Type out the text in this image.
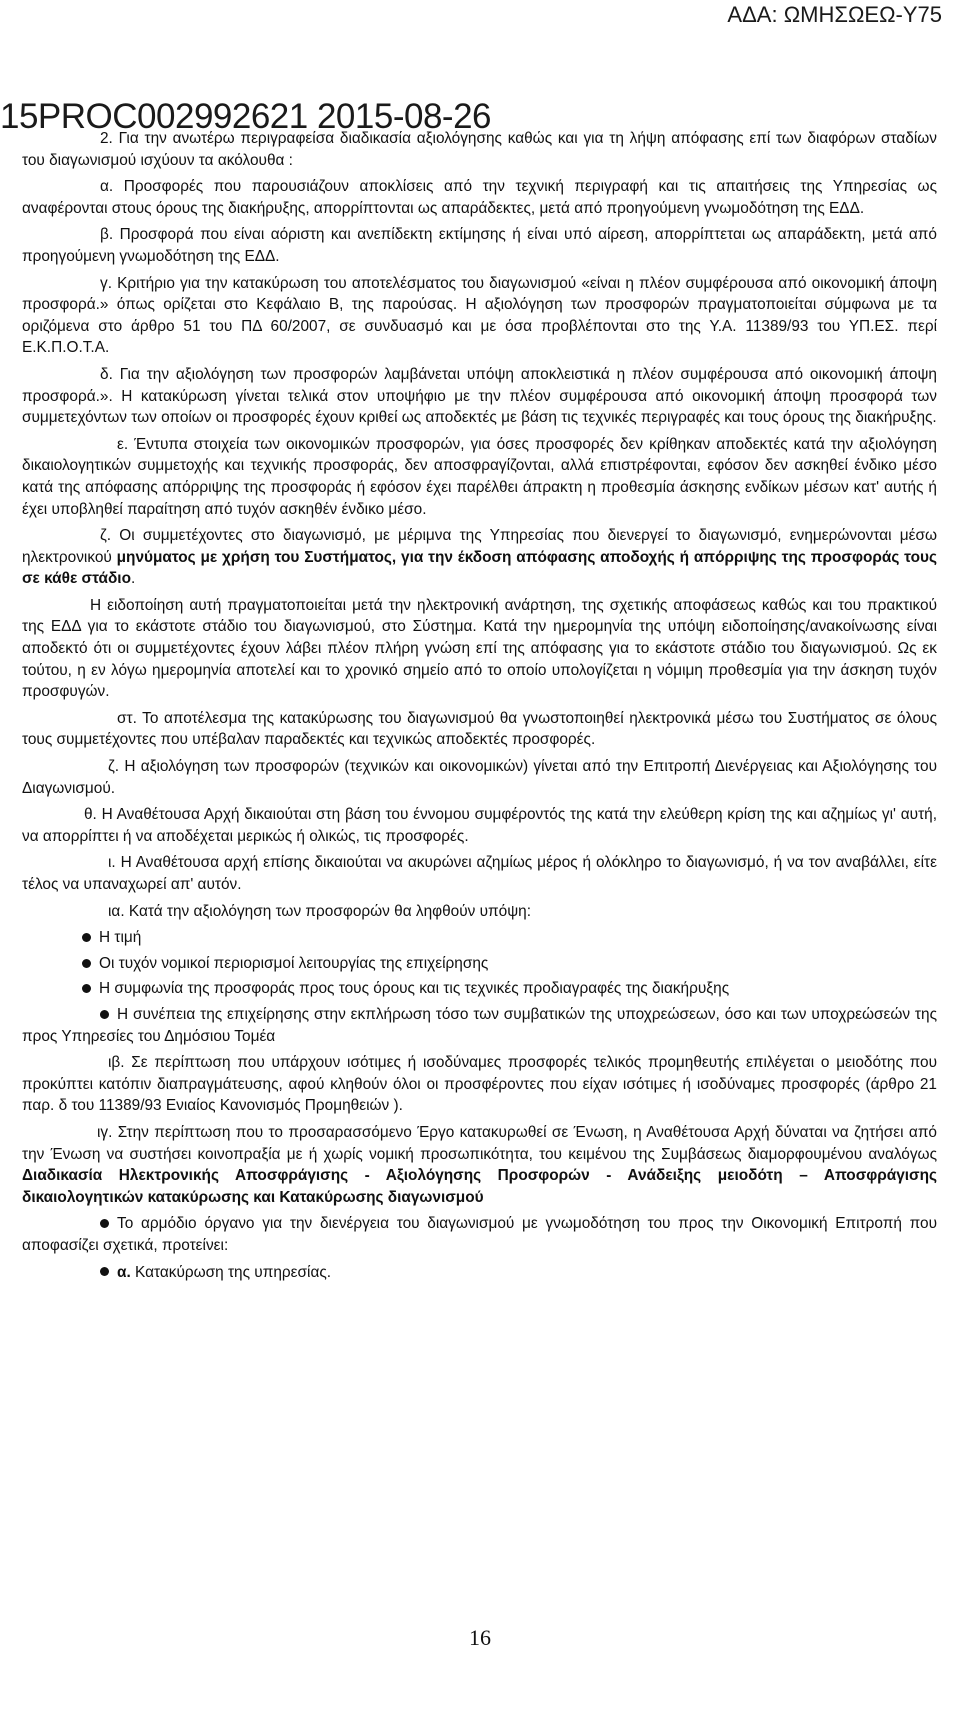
ΑΔΑ: ΩΜΗΣΩΕΩ-Υ75
15PROC002992621 2015-08-26

2. Για την ανωτέρω περιγραφείσα διαδικασία αξιολόγησης καθώς και για τη λήψη απόφασης επί των διαφόρων σταδίων του διαγωνισμού ισχύουν τα ακόλουθα :

α. Προσφορές που παρουσιάζουν αποκλίσεις από την τεχνική περιγραφή και τις απαιτήσεις της Υπηρεσίας ως αναφέρονται στους όρους της διακήρυξης, απορρίπτονται ως απαράδεκτες, μετά από προηγούμενη γνωμοδότηση της ΕΔΔ.

β. Προσφορά που είναι αόριστη και ανεπίδεκτη εκτίμησης ή είναι υπό αίρεση, απορρίπτεται ως απαράδεκτη, μετά από προηγούμενη γνωμοδότηση της ΕΔΔ.

γ. Κριτήριο για την κατακύρωση του αποτελέσματος του διαγωνισμού «είναι η πλέον συμφέρουσα από οικονομική άποψη προσφορά.» όπως ορίζεται στο Κεφάλαιο Β, της παρούσας. Η αξιολόγηση των προσφορών πραγματοποιείται σύμφωνα με τα οριζόμενα στο άρθρο 51 του ΠΔ 60/2007, σε συνδυασμό και με όσα προβλέπονται στο της Υ.Α. 11389/93 του ΥΠ.ΕΣ. περί Ε.Κ.Π.Ο.Τ.Α.

δ. Για την αξιολόγηση των προσφορών λαμβάνεται υπόψη αποκλειστικά η πλέον συμφέρουσα από οικονομική άποψη προσφορά.». Η κατακύρωση γίνεται τελικά στον υποψήφιο με την πλέον συμφέρουσα από οικονομική άποψη προσφορά των συμμετεχόντων των οποίων οι προσφορές έχουν κριθεί ως αποδεκτές με βάση τις τεχνικές περιγραφές και τους όρους της διακήρυξης.

ε. Έντυπα στοιχεία των οικονομικών προσφορών, για όσες προσφορές δεν κρίθηκαν αποδεκτές κατά την αξιολόγηση δικαιολογητικών συμμετοχής και τεχνικής προσφοράς, δεν αποσφραγίζονται, αλλά επιστρέφονται, εφόσον δεν ασκηθεί ένδικο μέσο κατά της απόφασης απόρριψης της προσφοράς ή εφόσον έχει παρέλθει άπρακτη η προθεσμία άσκησης ενδίκων μέσων κατ' αυτής ή έχει υποβληθεί παραίτηση από τυχόν ασκηθέν ένδικο μέσο.

ζ. Οι συμμετέχοντες στο διαγωνισμό, με μέριμνα της Υπηρεσίας που διενεργεί το διαγωνισμό, ενημερώνονται μέσω ηλεκτρονικού μηνύματος με χρήση του Συστήματος, για την έκδοση απόφασης αποδοχής ή απόρριψης της προσφοράς τους σε κάθε στάδιο.

Η ειδοποίηση αυτή πραγματοποιείται μετά την ηλεκτρονική ανάρτηση, της σχετικής αποφάσεως καθώς και του πρακτικού της ΕΔΔ για το εκάστοτε στάδιο του διαγωνισμού, στο Σύστημα. Κατά την ημερομηνία της υπόψη ειδοποίησης/ανακοίνωσης είναι αποδεκτό ότι οι συμμετέχοντες έχουν λάβει πλέον πλήρη γνώση επί της απόφασης για το εκάστοτε στάδιο του διαγωνισμού. Ως εκ τούτου, η εν λόγω ημερομηνία αποτελεί και το χρονικό σημείο από το οποίο υπολογίζεται η νόμιμη προθεσμία για την άσκηση τυχόν προσφυγών.

στ. Το αποτέλεσμα της κατακύρωσης του διαγωνισμού θα γνωστοποιηθεί ηλεκτρονικά μέσω του Συστήματος σε όλους τους συμμετέχοντες που υπέβαλαν παραδεκτές και τεχνικώς αποδεκτές προσφορές.

ζ. Η αξιολόγηση των προσφορών (τεχνικών και οικονομικών) γίνεται από την Επιτροπή Διενέργειας και Αξιολόγησης του Διαγωνισμού.

θ. Η Αναθέτουσα Αρχή δικαιούται στη βάση του έννομου συμφέροντός της κατά την ελεύθερη κρίση της και αζημίως γι' αυτή, να απορρίπτει ή να αποδέχεται μερικώς ή ολικώς, τις προσφορές.

ι. Η Αναθέτουσα αρχή επίσης δικαιούται να ακυρώνει αζημίως μέρος ή ολόκληρο το διαγωνισμό, ή να τον αναβάλλει, είτε τέλος να υπαναχωρεί απ' αυτόν.

ια. Κατά την αξιολόγηση των προσφορών θα ληφθούν υπόψη:

Η τιμή
Οι τυχόν νομικοί περιορισμοί λειτουργίας της επιχείρησης
Η συμφωνία της προσφοράς προς τους όρους και τις τεχνικές προδιαγραφές της διακήρυξης

Η συνέπεια της επιχείρησης στην εκπλήρωση τόσο των συμβατικών της υποχρεώσεων, όσο και των υποχρεώσεών της προς Υπηρεσίες του Δημόσιου Τομέα

ιβ. Σε περίπτωση που υπάρχουν ισότιμες ή ισοδύναμες προσφορές τελικός προμηθευτής επιλέγεται ο μειοδότης που προκύπτει κατόπιν διαπραγμάτευσης, αφού κληθούν όλοι οι προσφέροντες που είχαν ισότιμες ή ισοδύναμες προσφορές (άρθρο 21 παρ. δ του 11389/93 Ενιαίος Κανονισμός Προμηθειών ).

ιγ. Στην περίπτωση που το προσαρασσόμενο Έργο κατακυρωθεί σε Ένωση, η Αναθέτουσα Αρχή δύναται να ζητήσει από την Ένωση να συστήσει κοινοπραξία με ή χωρίς νομική προσωπικότητα, του κειμένου της Συμβάσεως διαμορφουμένου αναλόγως Διαδικασία Ηλεκτρονικής Αποσφράγισης - Αξιολόγησης Προσφορών - Ανάδειξης μειοδότη – Αποσφράγισης δικαιολογητικών κατακύρωσης και Κατακύρωσης διαγωνισμού

Το αρμόδιο όργανο για την διενέργεια του διαγωνισμού με γνωμοδότηση του προς την Οικονομική Επιτροπή που αποφασίζει σχετικά, προτείνει:

α. Κατακύρωση της υπηρεσίας.
16
